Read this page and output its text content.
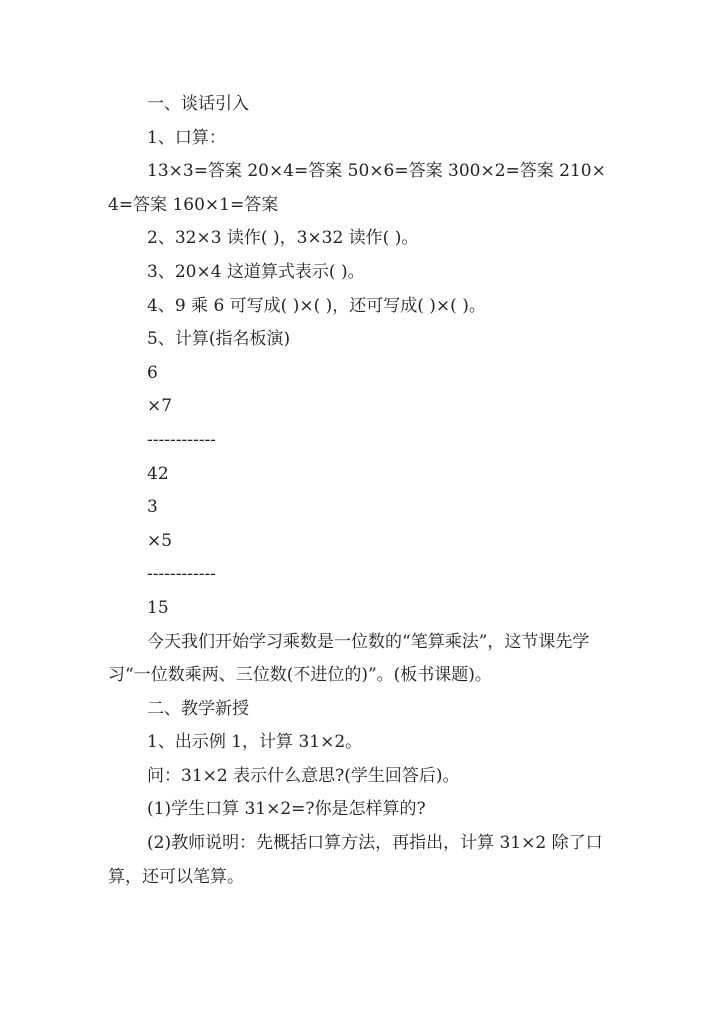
一、谈话引入

1、口算：

13×3=答案 20×4=答案 50×6=答案 300×2=答案 210×4=答案 160×1=答案

2、32×3 读作( )，3×32 读作( )。

3、20×4 这道算式表示( )。

4、9 乘 6 可写成( )×( )，还可写成( )×( )。

5、计算(指名板演)

6

×7

------------

42

3

×5

------------

15

今天我们开始学习乘数是一位数的“笔算乘法”，这节课先学习“一位数乘两、三位数(不进位的)”。(板书课题)。

二、教学新授

1、出示例 1，计算 31×2。

问：31×2 表示什么意思?(学生回答后)。

(1)学生口算 31×2=?你是怎样算的?

(2)教师说明：先概括口算方法，再指出，计算 31×2 除了口算，还可以笔算。
